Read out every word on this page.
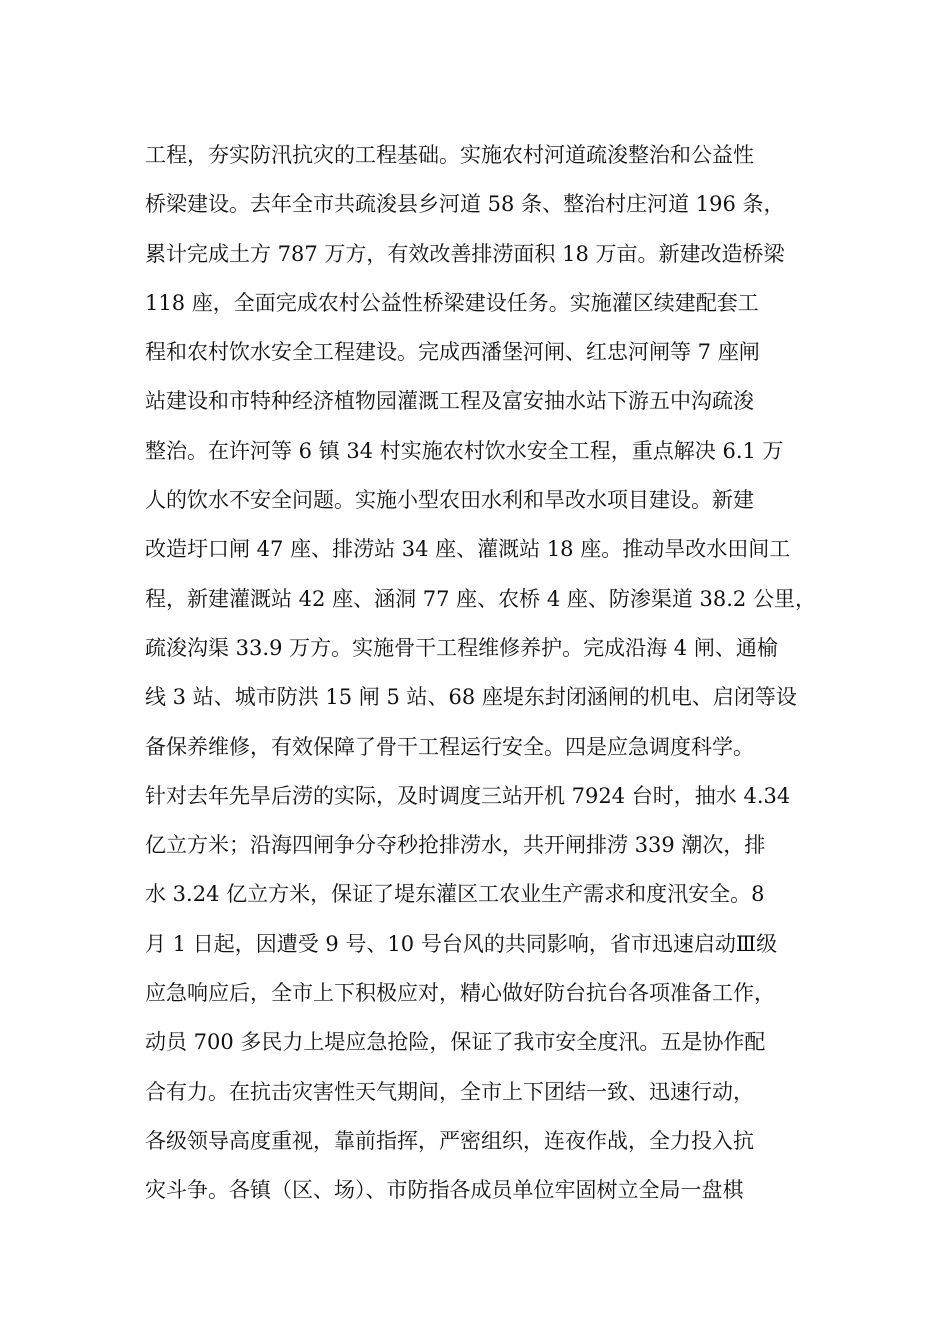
工程，夯实防汛抗灾的工程基础。实施农村河道疏浚整治和公益性
桥梁建设。去年全市共疏浚县乡河道 58 条、整治村庄河道 196 条，
累计完成土方 787 万方，有效改善排涝面积 18 万亩。新建改造桥梁
118 座，全面完成农村公益性桥梁建设任务。实施灌区续建配套工
程和农村饮水安全工程建设。完成西潘堡河闸、红忠河闸等 7 座闸
站建设和市特种经济植物园灌溉工程及富安抽水站下游五中沟疏浚
整治。在许河等 6 镇 34 村实施农村饮水安全工程，重点解决 6.1 万
人的饮水不安全问题。实施小型农田水利和旱改水项目建设。新建
改造圩口闸 47 座、排涝站 34 座、灌溉站 18 座。推动旱改水田间工
程，新建灌溉站 42 座、涵洞 77 座、农桥 4 座、防渗渠道 38.2 公里，
疏浚沟渠 33.9 万方。实施骨干工程维修养护。完成沿海 4 闸、通榆
线 3 站、城市防洪 15 闸 5 站、68 座堤东封闭涵闸的机电、启闭等设
备保养维修，有效保障了骨干工程运行安全。四是应急调度科学。
针对去年先旱后涝的实际，及时调度三站开机 7924 台时，抽水 4.34
亿立方米；沿海四闸争分夺秒抢排涝水，共开闸排涝 339 潮次，排
水 3.24 亿立方米，保证了堤东灌区工农业生产需求和度汛安全。8
月 1 日起，因遭受 9 号、10 号台风的共同影响，省市迅速启动Ⅲ级
应急响应后，全市上下积极应对，精心做好防台抗台各项准备工作，
动员 700 多民力上堤应急抢险，保证了我市安全度汛。五是协作配
合有力。在抗击灾害性天气期间，全市上下团结一致、迅速行动，
各级领导高度重视，靠前指挥，严密组织，连夜作战，全力投入抗
灾斗争。各镇（区、场）、市防指各成员单位牢固树立全局一盘棋
